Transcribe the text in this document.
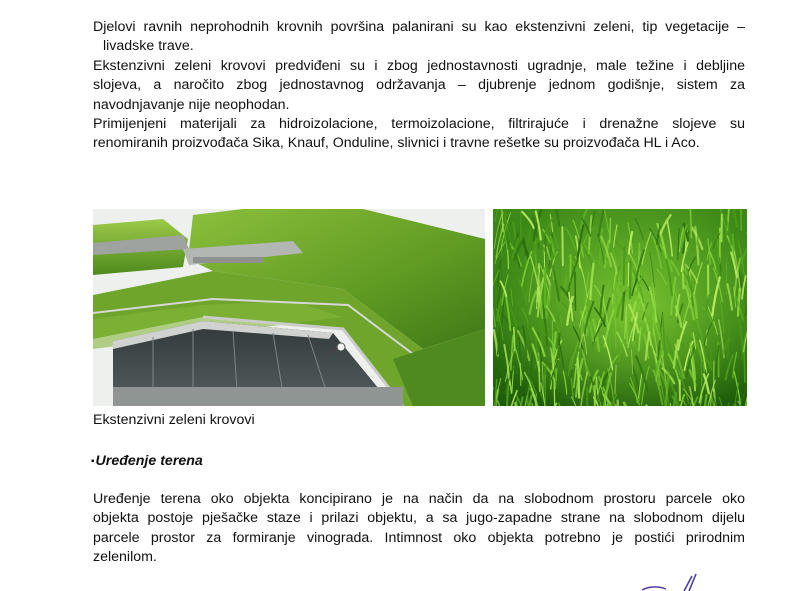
Djelovi ravnih neprohodnih krovnih površina palanirani su kao ekstenzivni zeleni, tip vegetacije –
livadske trave.
Ekstenzivni zeleni krovovi predviđeni su i zbog jednostavnosti ugradnje, male težine i debljine
slojeva, a naročito zbog jednostavnog održavanja – djubrenje jednom godišnje, sistem za
navodnjavanje nije neophodan.
Primijenjeni materijali za hidroizolacione, termoizolacione, filtrirajuće i drenažne slojeve su
renomiranih proizvođača Sika, Knauf, Onduline, slivnici i travne rešetke su proizvođača HL i Aco.

Ekstenzivni zeleni krovovi

▪Uređenje terena

Uređenje terena oko objekta koncipirano je na način da na slobodnom prostoru parcele oko
objekta postoje pješačke staze i prilazi objektu, a sa jugo-zapadne strane na slobodnom dijelu
parcele prostor za formiranje vinograda. Intimnost oko objekta potrebno je postići prirodnim
zelenilom.
